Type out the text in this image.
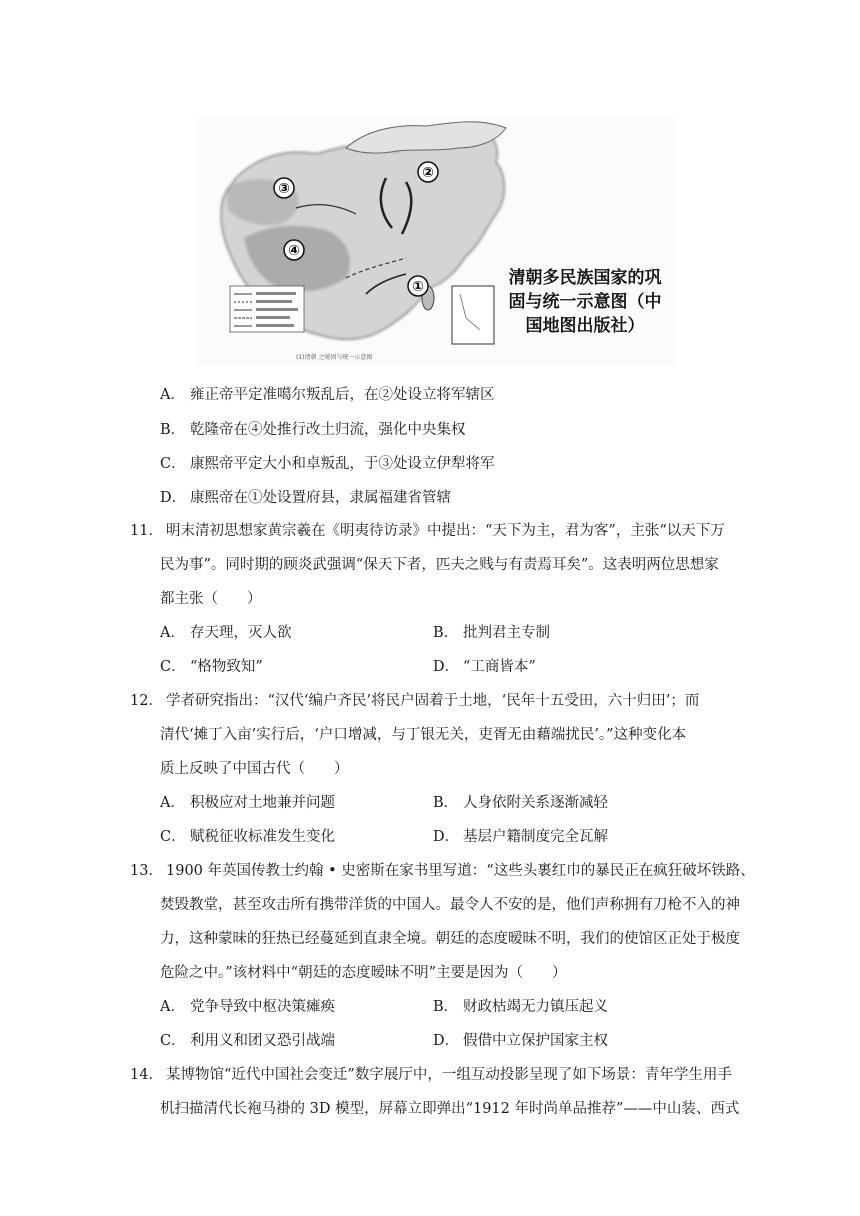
②
③
④
①	清朝多民族国家的巩
固与统一示意图（中
国地图出版社）
(1)清朝 之统固与统一示意图
A． 雍正帝平定准噶尔叛乱后，在②处设立将军辖区
B． 乾隆帝在④处推行改土归流，强化中央集权
C． 康熙帝平定大小和卓叛乱，于③处设立伊犁将军
D． 康熙帝在①处设置府县，隶属福建省管辖
11． 明末清初思想家黄宗羲在《明夷待访录》中提出：“天下为主，君为客”，主张“以天下万
民为事”。同时期的顾炎武强调“保天下者，匹夫之贱与有责焉耳矣”。这表明两位思想家
都主张（　　）
A． 存天理，灭人欲	B． 批判君主专制
C． “格物致知”	D． “工商皆本”
12． 学者研究指出：“汉代‘编户齐民’将民户固着于土地，‘民年十五受田，六十归田’；而
清代‘摊丁入亩’实行后，‘户口增减，与丁银无关，吏胥无由藉端扰民’。”这种变化本
质上反映了中国古代（　　）
A． 积极应对土地兼并问题	B． 人身依附关系逐渐减轻
C． 赋税征收标准发生变化	D． 基层户籍制度完全瓦解
13． 1900 年英国传教士约翰 • 史密斯在家书里写道：“这些头裹红巾的暴民正在疯狂破坏铁路、
焚毁教堂，甚至攻击所有携带洋货的中国人。最令人不安的是，他们声称拥有刀枪不入的神
力，这种蒙昧的狂热已经蔓延到直隶全境。朝廷的态度暧昧不明，我们的使馆区正处于极度
危险之中。”该材料中“朝廷的态度暧昧不明”主要是因为（　　）
A． 党争导致中枢决策瘫痪	B． 财政枯竭无力镇压起义
C． 利用义和团又恐引战端	D． 假借中立保护国家主权
14． 某博物馆“近代中国社会变迁”数字展厅中，一组互动投影呈现了如下场景：青年学生用手
机扫描清代长袍马褂的 3D 模型，屏幕立即弹出“1912 年时尚单品推荐”——中山装、西式
